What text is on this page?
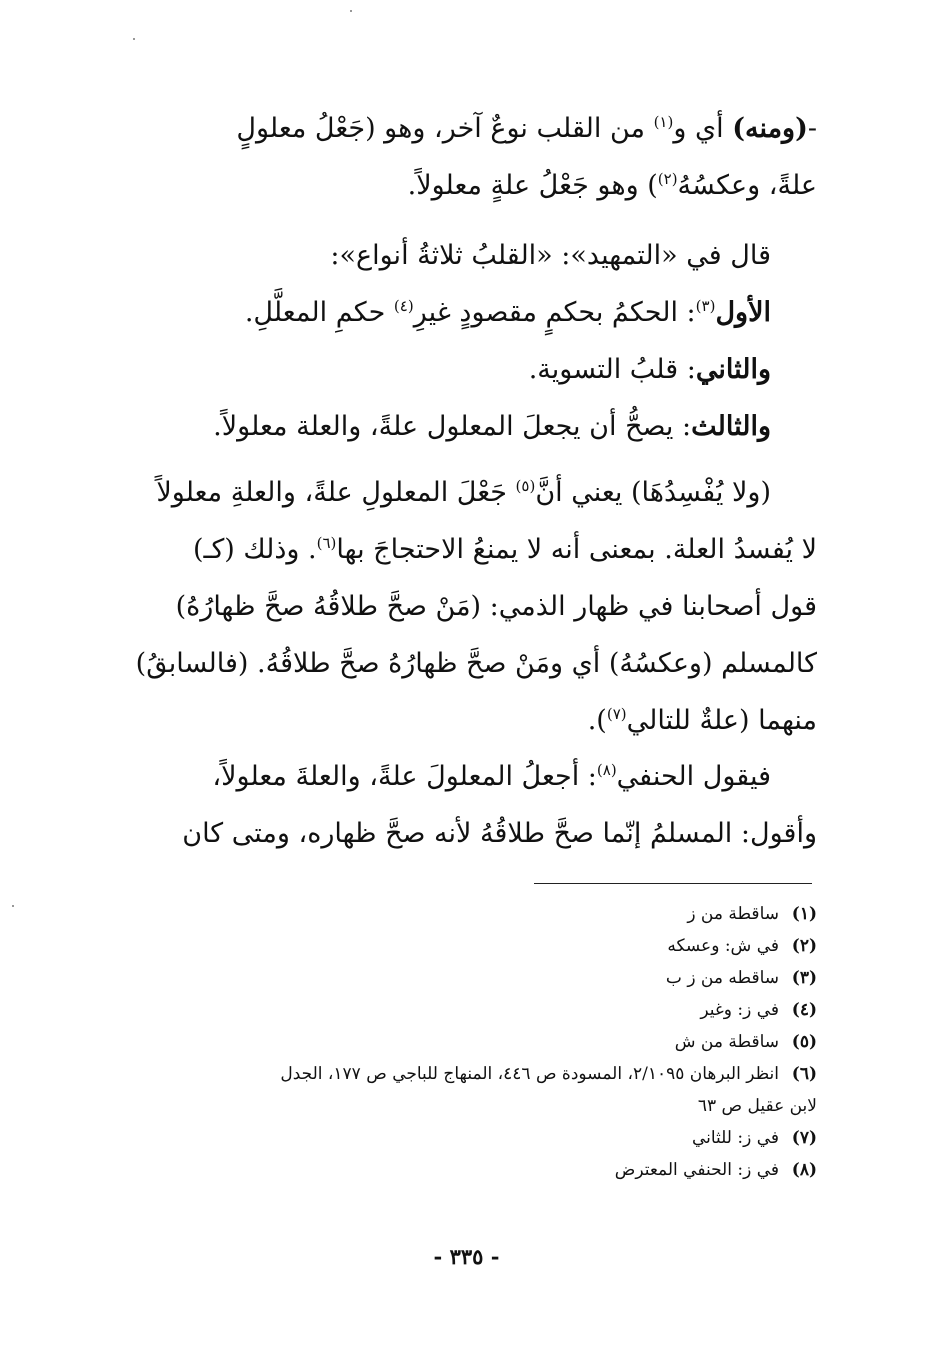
-(ومنه) أي و$^{(١)}$ من القلب نوعٌ آخر، وهو (جَعْلُ معلولٍ
علةً، وعكسُهُ$^{(٢)}$) وهو جَعْلُ علةٍ معلولاً.
قال في «التمهيد»: «القلبُ ثلاثةُ أنواع»:
الأول$^{(٣)}$: الحكمُ بحكمٍ مقصودٍ غيرِ$^{(٤)}$ حكمِ المعلَّلِ.
والثاني: قلبُ التسوية.
والثالث: يصحُّ أن يجعلَ المعلول علةً، والعلة معلولاً.
(ولا يُفْسِدُهَا) يعني أنَّ$^{(٥)}$ جَعْلَ المعلولِ علةً، والعلةِ معلولاً
لا يُفسدُ العلة. بمعنى أنه لا يمنعُ الاحتجاجَ بها$^{(٦)}$. وذلك (كـ)
قول أصحابنا في ظهار الذمي: (مَنْ صحَّ طلاقُهُ صحَّ ظهارُهُ)
كالمسلم (وعكسُهُ) أي ومَنْ صحَّ ظهارُهُ صحَّ طلاقُهُ. (فالسابقُ)
منهما (علةٌ للتالي$^{(٧)}$).
فيقول الحنفي$^{(٨)}$: أجعلُ المعلولَ علةً، والعلةَ معلولاً،
وأقول: المسلمُ إنّما صحَّ طلاقُهُ لأنه صحَّ ظهاره، ومتى كان
(١)ساقطة من ز
(٢)في ش: وعسكه
(٣)ساقطه من ز ب
(٤)في ز: وغير
(٥)ساقطة من ش
(٦)انظر البرهان ٢/١٠٩٥، المسودة ص ٤٤٦، المنهاج للباجي ص ١٧٧، الجدل
لابن عقيل ص ٦٣
(٧)في ز: للثاني
(٨)في ز: الحنفي المعترض
- ٣٣٥ -
